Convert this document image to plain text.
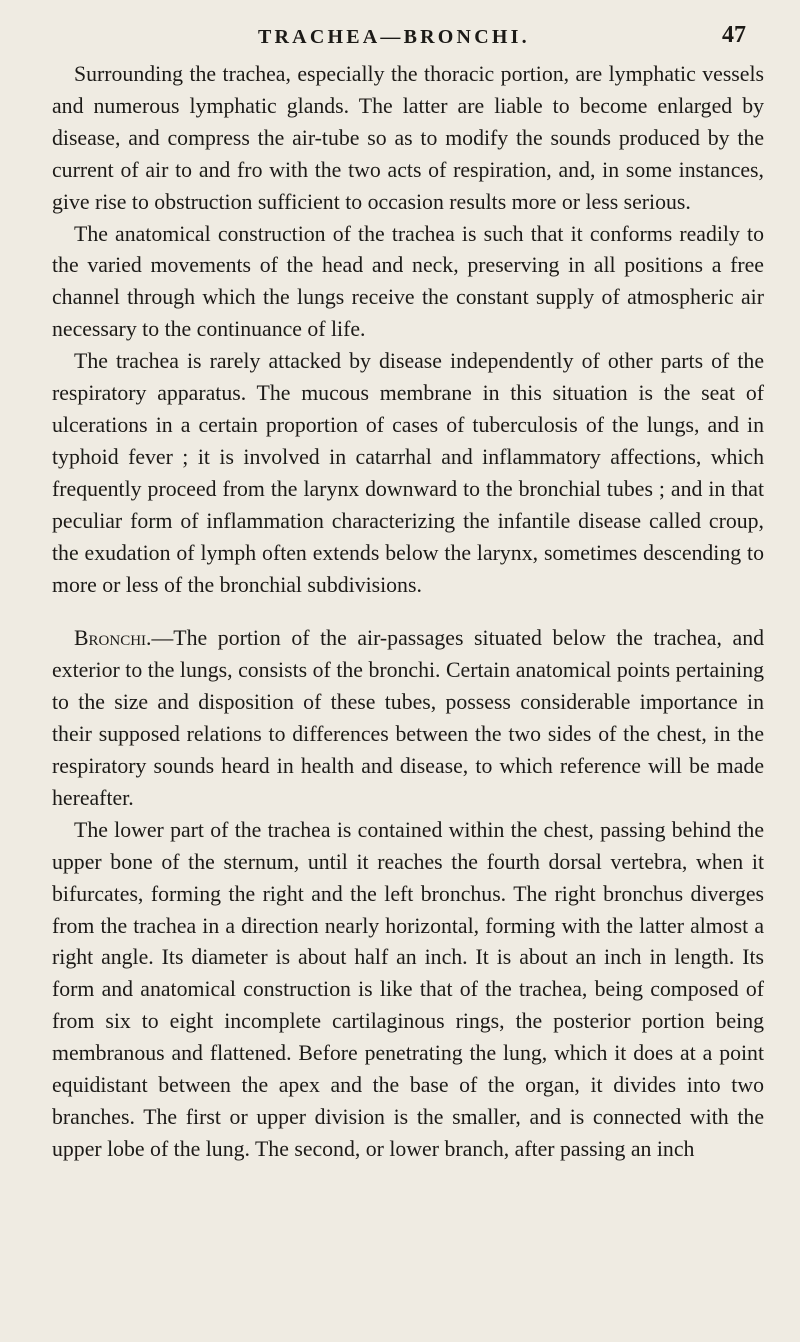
TRACHEA—BRONCHI.	47

Surrounding the trachea, especially the thoracic portion, are lymphatic vessels and numerous lymphatic glands. The latter are liable to become enlarged by disease, and compress the air-tube so as to modify the sounds produced by the current of air to and fro with the two acts of respiration, and, in some instances, give rise to obstruction sufficient to occasion results more or less serious.

The anatomical construction of the trachea is such that it conforms readily to the varied movements of the head and neck, preserving in all positions a free channel through which the lungs receive the constant supply of atmospheric air necessary to the continuance of life.

The trachea is rarely attacked by disease independently of other parts of the respiratory apparatus. The mucous membrane in this situation is the seat of ulcerations in a certain proportion of cases of tuberculosis of the lungs, and in typhoid fever ; it is involved in catarrhal and inflammatory affections, which frequently proceed from the larynx downward to the bronchial tubes ; and in that peculiar form of inflammation characterizing the infantile disease called croup, the exudation of lymph often extends below the larynx, sometimes descending to more or less of the bronchial subdivisions.

Bronchi.—The portion of the air-passages situated below the trachea, and exterior to the lungs, consists of the bronchi. Certain anatomical points pertaining to the size and disposition of these tubes, possess considerable importance in their supposed relations to differences between the two sides of the chest, in the respiratory sounds heard in health and disease, to which reference will be made hereafter.

The lower part of the trachea is contained within the chest, passing behind the upper bone of the sternum, until it reaches the fourth dorsal vertebra, when it bifurcates, forming the right and the left bronchus. The right bronchus diverges from the trachea in a direction nearly horizontal, forming with the latter almost a right angle. Its diameter is about half an inch. It is about an inch in length. Its form and anatomical construction is like that of the trachea, being composed of from six to eight incomplete cartilaginous rings, the posterior portion being membranous and flattened. Before penetrating the lung, which it does at a point equidistant between the apex and the base of the organ, it divides into two branches. The first or upper division is the smaller, and is connected with the upper lobe of the lung. The second, or lower branch, after passing an inch
